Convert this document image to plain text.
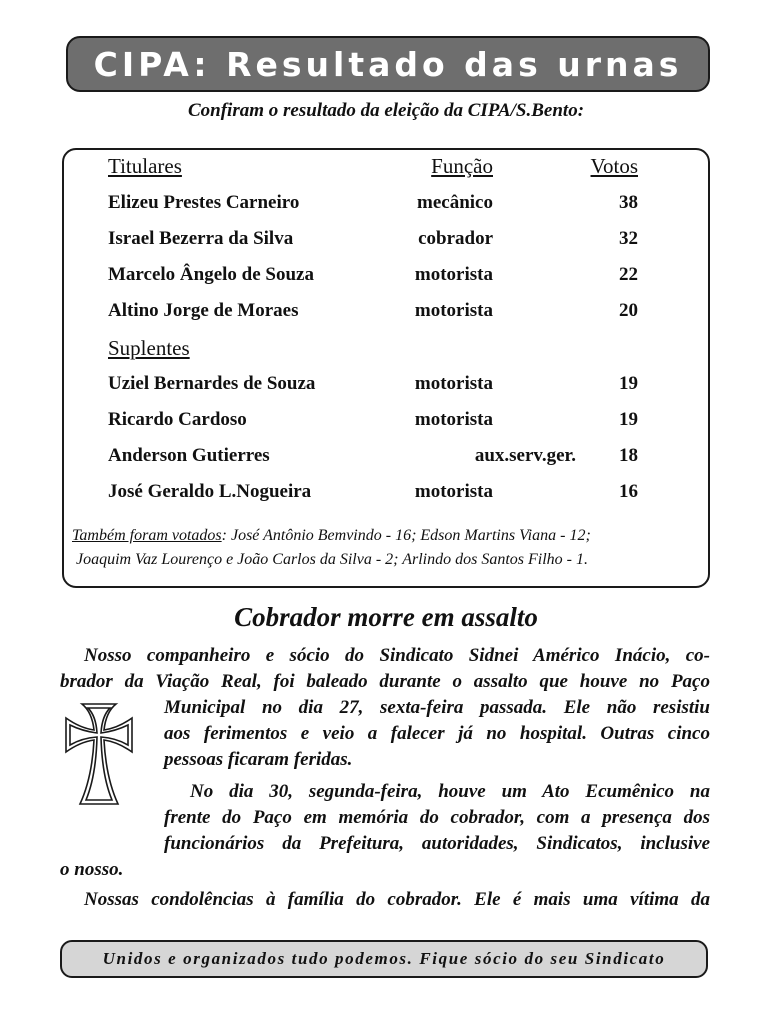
CIPA: Resultado das urnas
Confiram o resultado da eleição da CIPA/S.Bento:
Titulares	Função	Votos
Elizeu Prestes Carneiro	mecânico	38
Israel Bezerra da Silva	cobrador	32
Marcelo Ângelo de Souza	motorista	22
Altino Jorge de Moraes	motorista	20
Suplentes
Uziel Bernardes de Souza	motorista	19
Ricardo Cardoso	motorista	19
Anderson Gutierres	aux.serv.ger. 18
José Geraldo L.Nogueira	motorista	16
Também foram votados: José Antônio Bemvindo - 16; Edson Martins Viana - 12;
Joaquim Vaz Lourenço e João Carlos da Silva - 2; Arlindo dos Santos Filho - 1.
Cobrador morre em assalto
Nosso companheiro e sócio do Sindicato Sidnei Américo Inácio, co-
brador da Viação Real, foi baleado durante o assalto que houve no Paço
Municipal no dia 27, sexta-feira passada. Ele não resistiu
aos ferimentos e veio a falecer já no hospital. Outras cinco
pessoas ficaram feridas.
No dia 30, segunda-feira, houve um Ato Ecumênico na
frente do Paço em memória do cobrador, com a presença dos
funcionários da Prefeitura, autoridades, Sindicatos, inclusive
o nosso.
Nossas condolências à família do cobrador. Ele é mais uma vítima da
Unidos e organizados tudo podemos. Fique sócio do seu Sindicato
